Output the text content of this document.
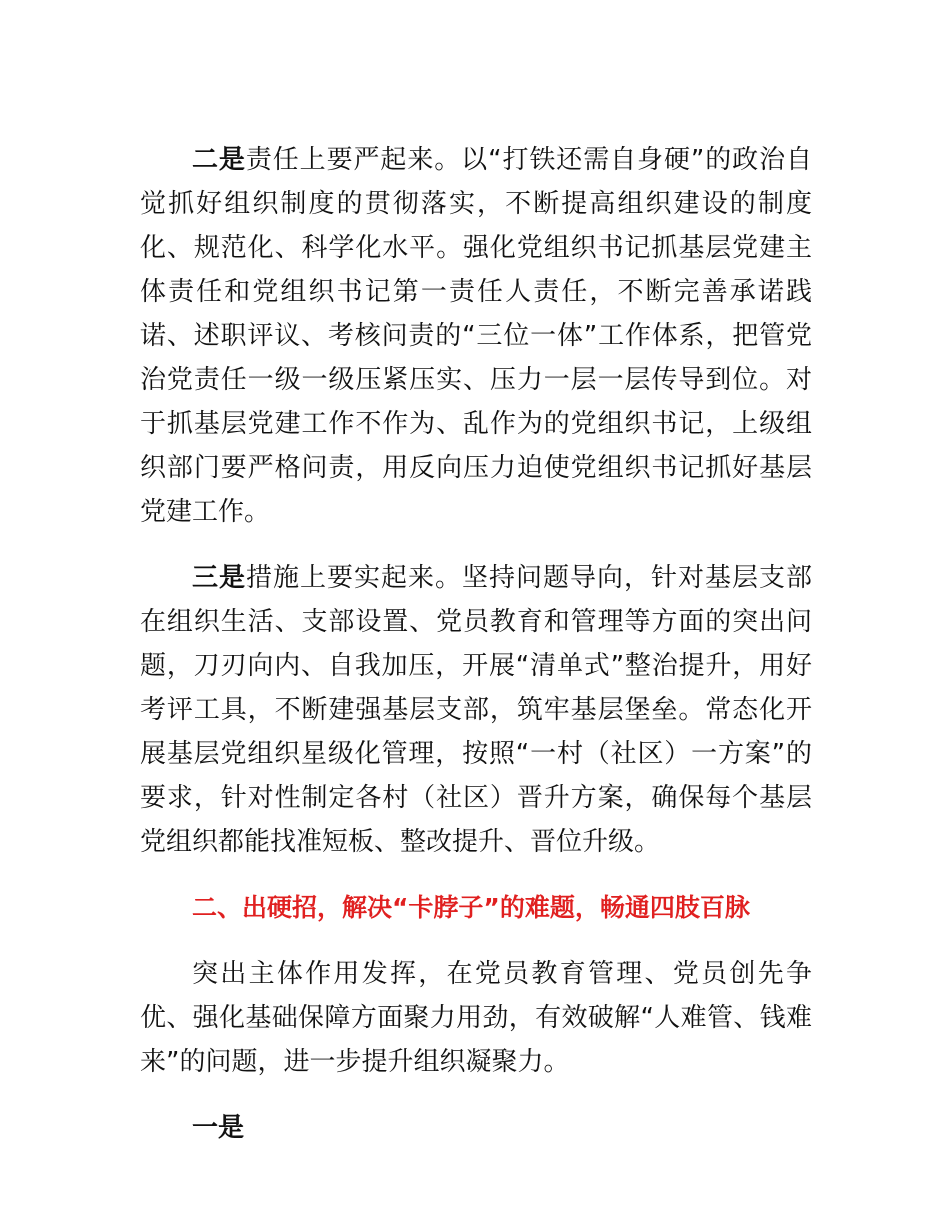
二是责任上要严起来。以“打铁还需自身硬”的政治自觉抓好组织制度的贯彻落实，不断提高组织建设的制度化、规范化、科学化水平。强化党组织书记抓基层党建主体责任和党组织书记第一责任人责任，不断完善承诺践诺、述职评议、考核问责的“三位一体”工作体系，把管党治党责任一级一级压紧压实、压力一层一层传导到位。对于抓基层党建工作不作为、乱作为的党组织书记，上级组织部门要严格问责，用反向压力迫使党组织书记抓好基层党建工作。

三是措施上要实起来。坚持问题导向，针对基层支部在组织生活、支部设置、党员教育和管理等方面的突出问题，刀刃向内、自我加压，开展“清单式”整治提升，用好考评工具，不断建强基层支部，筑牢基层堡垒。常态化开展基层党组织星级化管理，按照“一村（社区）一方案”的要求，针对性制定各村（社区）晋升方案，确保每个基层党组织都能找准短板、整改提升、晋位升级。

二、出硬招，解决“卡脖子”的难题，畅通四肢百脉

突出主体作用发挥，在党员教育管理、党员创先争优、强化基础保障方面聚力用劲，有效破解“人难管、钱难来”的问题，进一步提升组织凝聚力。

一是
